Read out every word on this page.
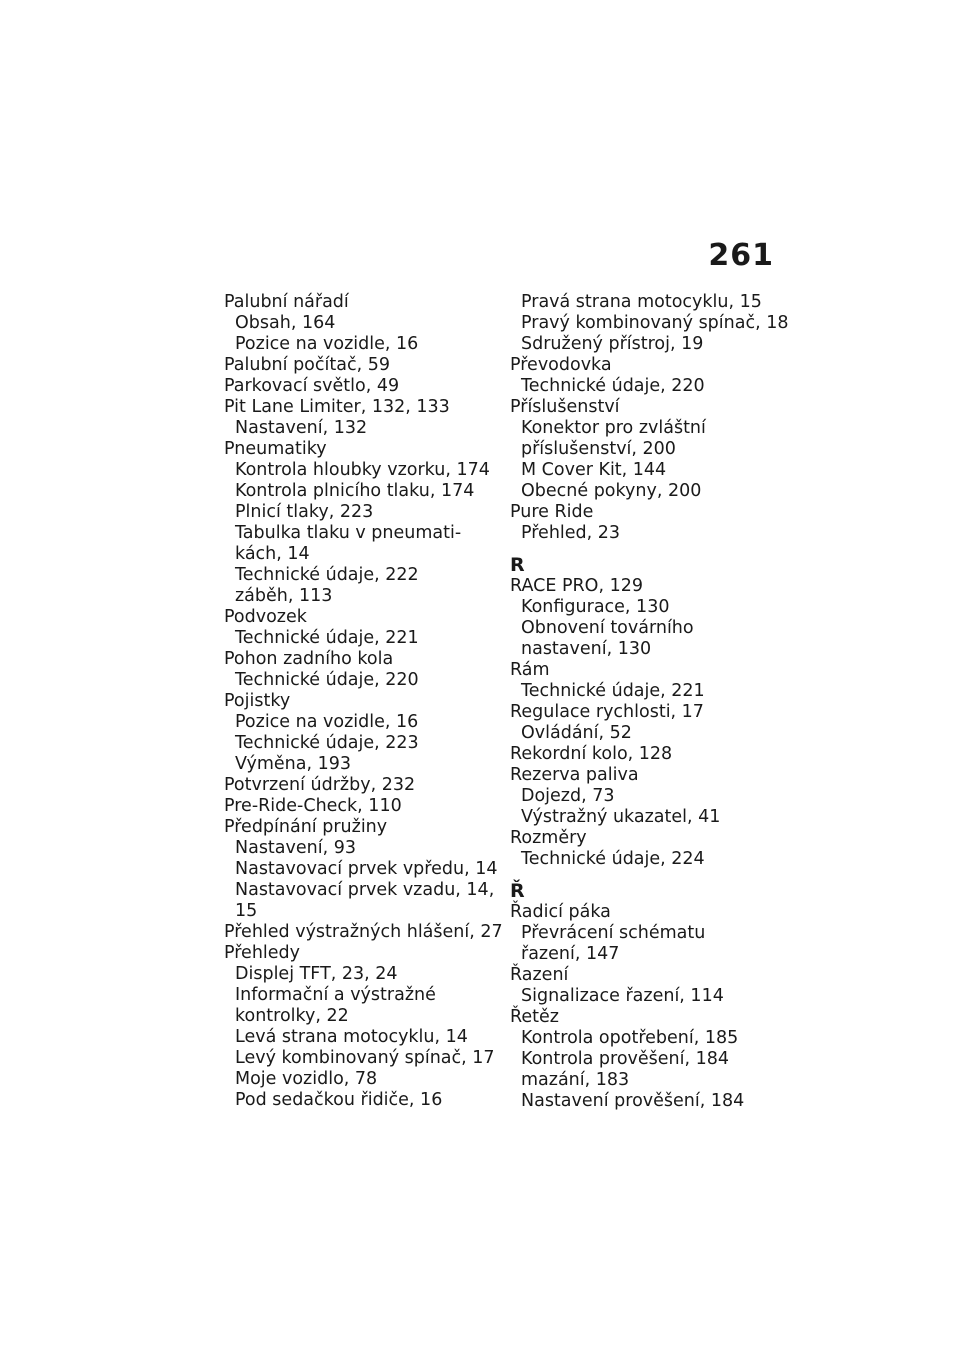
261
Palubní nářadí
Obsah, 164
Pozice na vozidle, 16
Palubní počítač, 59
Parkovací světlo, 49
Pit Lane Limiter, 132, 133
Nastavení, 132
Pneumatiky
Kontrola hloubky vzorku, 174
Kontrola plnicího tlaku, 174
Plnicí tlaky, 223
Tabulka tlaku v pneumati-
kách, 14
Technické údaje, 222
záběh, 113
Podvozek
Technické údaje, 221
Pohon zadního kola
Technické údaje, 220
Pojistky
Pozice na vozidle, 16
Technické údaje, 223
Výměna, 193
Potvrzení údržby, 232
Pre-Ride-Check, 110
Předpínání pružiny
Nastavení, 93
Nastavovací prvek vpředu, 14
Nastavovací prvek vzadu, 14,
15
Přehled výstražných hlášení, 27
Přehledy
Displej TFT, 23, 24
Informační a výstražné
kontrolky, 22
Levá strana motocyklu, 14
Levý kombinovaný spínač, 17
Moje vozidlo, 78
Pod sedačkou řidiče, 16
Pravá strana motocyklu, 15
Pravý kombinovaný spínač, 18
Sdružený přístroj, 19
Převodovka
Technické údaje, 220
Příslušenství
Konektor pro zvláštní
příslušenství, 200
M Cover Kit, 144
Obecné pokyny, 200
Pure Ride
Přehled, 23
R
RACE PRO, 129
Konfigurace, 130
Obnovení továrního
nastavení, 130
Rám
Technické údaje, 221
Regulace rychlosti, 17
Ovládání, 52
Rekordní kolo, 128
Rezerva paliva
Dojezd, 73
Výstražný ukazatel, 41
Rozměry
Technické údaje, 224
Ř
Řadicí páka
Převrácení schématu
řazení, 147
Řazení
Signalizace řazení, 114
Řetěz
Kontrola opotřebení, 185
Kontrola prověšení, 184
mazání, 183
Nastavení prověšení, 184
